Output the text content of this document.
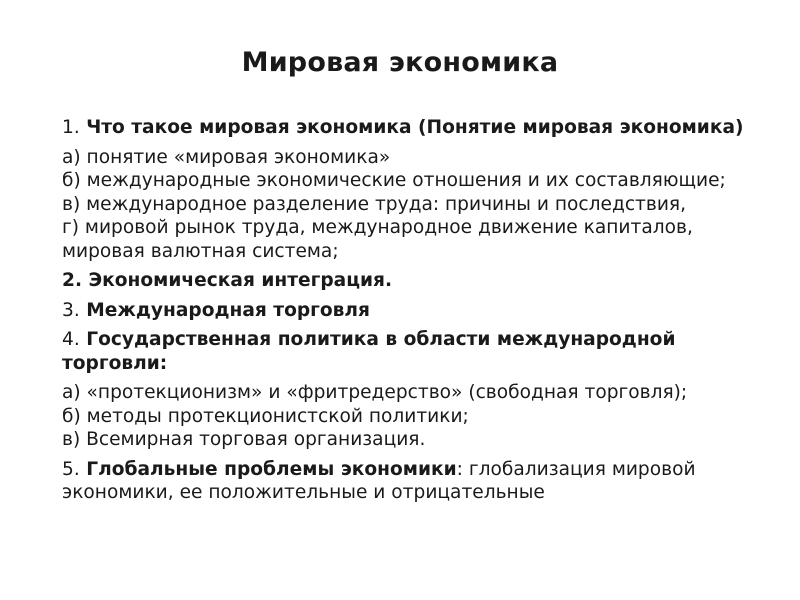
Мировая экономика
1. Что такое мировая экономика (Понятие мировая экономика)
а) понятие «мировая экономика»
б) международные экономические отношения и их составляющие;
в) международное разделение труда: причины и последствия,
г) мировой рынок труда, международное движение капиталов, мировая валютная система;
2. Экономическая интеграция.
3. Международная торговля
4. Государственная политика в области международной торговли:
а) «протекционизм» и «фритредерство» (свободная торговля);
б) методы протекционистской политики;
в) Всемирная торговая организация.
5. Глобальные проблемы экономики: глобализация мировой экономики, ее положительные и отрицательные
